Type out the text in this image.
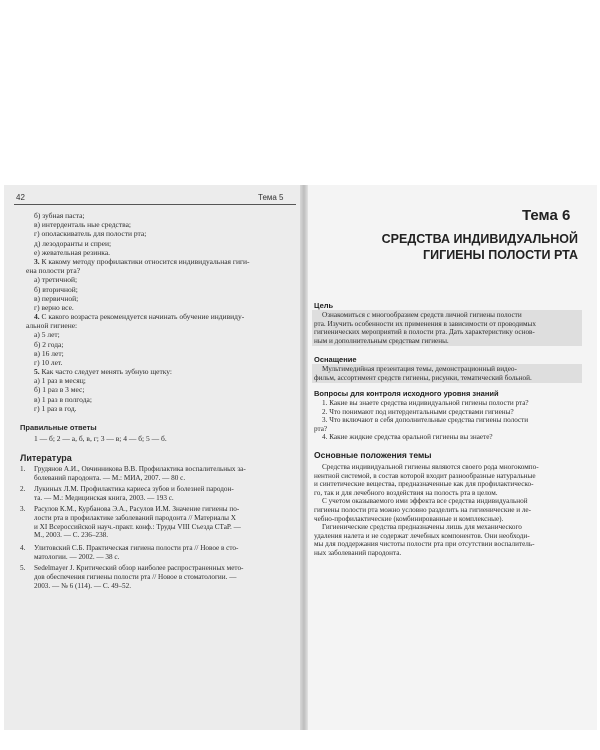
42	Тема 5
б) зубная паста;
в) интерденталь ные средства;
г) ополаскиватель для полости рта;
д) лезодоранты и спреи;
е) жевательная резинка.
3. К какому методу профилактики относится индивидуальная гиги-
ена полости рта?
а) третичной;
б) вторичной;
в) первичной;
г) верно все.
4. С какого возраста рекомендуется начинать обучение индивиду-
альной гигиене:
а) 5 лет;
б) 2 года;
в) 16 лет;
г) 10 лет.
5. Как часто следует менять зубную щетку:
а) 1 раз в месяц;
б) 1 раз в 3 мес;
в) 1 раз в полгода;
г) 1 раз в год.
Правильные ответы
1 — б; 2 — а, б, в, г; 3 — в; 4 — б; 5 — б.
Литература
1. Грудянов А.И., Овчинникова В.В. Профилактика воспалительных за-
болеваний пародонта. — М.: МИА, 2007. — 80 с.
2. Лукиных Л.М. Профилактика кариеса зубов и болезней пародон-
та. — М.: Медицинская книга, 2003. — 193 с.
3. Расулов К.М., Курбанова Э.А., Расулов И.М. Значение гигиены по-
лости рта в профилактике заболеваний пародонта // Материалы X
и XI Всероссийской науч.-практ. конф.: Труды VIII Съезда СТаР. —
М., 2003. — С. 236–238.
4. Улитовский С.Б. Практическая гигиена полости рта // Новое в сто-
матологии. — 2002. — 38 с.
5. Sedelmayer J. Критический обзор наиболее распространенных мето-
дов обеспечения гигиены полости рта // Новое в стоматологии. —
2003. — № 6 (114). — С. 49–52.
Тема 6
СРЕДСТВА ИНДИВИДУАЛЬНОЙ
ГИГИЕНЫ ПОЛОСТИ РТА
Цель
Ознакомиться с многообразием средств личной гигиены полости
рта. Изучить особенности их применения в зависимости от проводимых
гигиенических мероприятий в полости рта. Дать характеристику основ-
ным и дополнительным средствам гигиены.
Оснащение
Мультимедийная презентация темы, демонстрационный видео-
фильм, ассортимент средств гигиены, рисунки, тематический больной.
Вопросы для контроля исходного уровня знаний
1. Какие вы знаете средства индивидуальной гигиены полости рта?
2. Что понимают под интердентальными средствами гигиены?
3. Что включают в себя дополнительные средства гигиены полости
рта?
4. Какие жидкие средства оральной гигиены вы знаете?
Основные положения темы
Средства индивидуальной гигиены являются своего рода многокомпо-
нентной системой, в состав которой входит разнообразные натуральные
и синтетические вещества, предназначенные как для профилактическо-
го, так и для лечебного воздействия на полость рта в целом.
С учетом оказываемого ими эффекта все средства индивидуальной
гигиены полости рта можно условно разделить на гигиенические и ле-
чебно-профилактические (комбинированные и комплексные).
Гигиенические средства предназначены лишь для механического
удаления налета и не содержат лечебных компонентов. Они необходи-
мы для поддержания чистоты полости рта при отсутствии воспалитель-
ных заболеваний пародонта.
